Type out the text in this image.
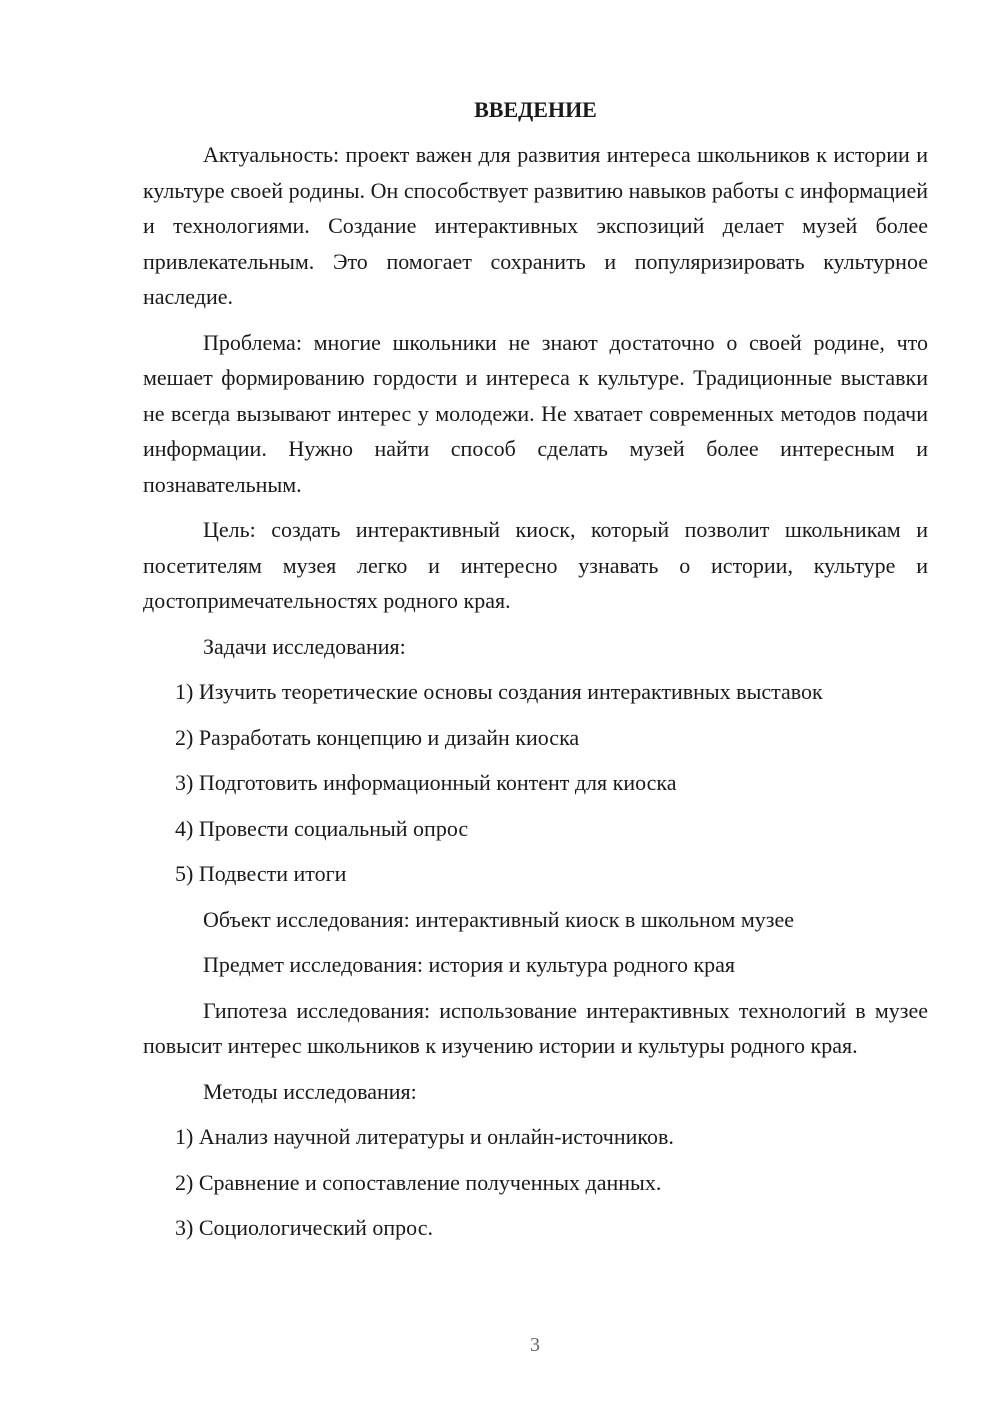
ВВЕДЕНИЕ

Актуальность: проект важен для развития интереса школьников к истории и культуре своей родины. Он способствует развитию навыков работы с информацией и технологиями. Создание интерактивных экспозиций делает музей более привлекательным. Это помогает сохранить и популяризировать культурное наследие.

Проблема: многие школьники не знают достаточно о своей родине, что мешает формированию гордости и интереса к культуре. Традиционные выставки не всегда вызывают интерес у молодежи. Не хватает современных методов подачи информации. Нужно найти способ сделать музей более интересным и познавательным.

Цель: создать интерактивный киоск, который позволит школьникам и посетителям музея легко и интересно узнавать о истории, культуре и достопримечательностях родного края.

Задачи исследования:

1) Изучить теоретические основы создания интерактивных выставок

2) Разработать концепцию и дизайн киоска

3) Подготовить информационный контент для киоска

4) Провести социальный опрос

5) Подвести итоги

Объект исследования: интерактивный киоск в школьном музее

Предмет исследования: история и культура родного края

Гипотеза исследования: использование интерактивных технологий в музее повысит интерес школьников к изучению истории и культуры родного края.

Методы исследования:

1) Анализ научной литературы и онлайн-источников.

2) Сравнение и сопоставление полученных данных.

3) Социологический опрос.

3
